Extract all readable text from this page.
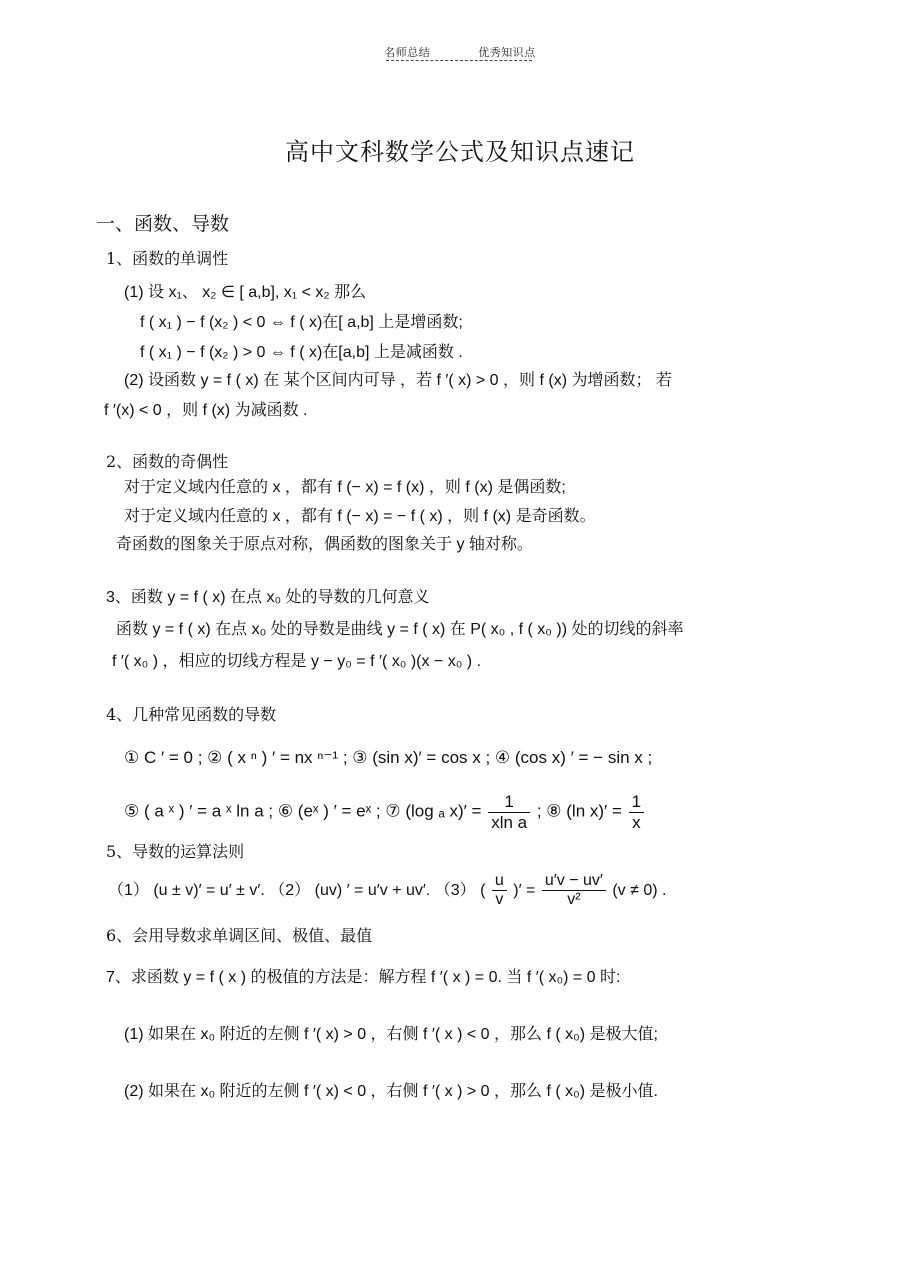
名师总结	优秀知识点
高中文科数学公式及知识点速记
一、函数、导数
1、函数的单调性
(1) 设 x₁、 x₂ ∈ [ a,b], x₁ < x₂ 那么
f ( x₁ ) − f (x₂ ) < 0 ⇔ f ( x)在[ a,b] 上是增函数;
f ( x₁ ) − f (x₂ ) > 0 ⇔ f ( x)在[a,b] 上是减函数 .
(2) 设函数 y = f ( x) 在 某个区间内可导 ，若 f ′( x) > 0 ，则 f (x) 为增函数； 若
f ′(x) < 0 ，则 f (x) 为减函数 .
2、函数的奇偶性
对于定义域内任意的 x ，都有 f (− x) = f (x) ，则 f (x) 是偶函数;
对于定义域内任意的 x ，都有 f (− x) = − f ( x) ，则 f (x) 是奇函数。
奇函数的图象关于原点对称，偶函数的图象关于 y 轴对称。
3、函数 y = f ( x) 在点 x₀ 处的导数的几何意义
函数 y = f ( x) 在点 x₀ 处的导数是曲线 y = f ( x) 在 P( x₀ , f ( x₀ )) 处的切线的斜率
f ′( x₀ ) ，相应的切线方程是 y − y₀ = f ′( x₀ )(x − x₀ ) .
4、几种常见函数的导数
① C ′ = 0 ; ② ( x ⁿ ) ′ = nx ⁿ⁻¹ ; ③ (sin x)′ = cos x ; ④ (cos x) ′ = − sin x ;
⑤ ( a ˣ ) ′ = a ˣ ln a ; ⑥ (eˣ ) ′ = eˣ ; ⑦ (log ₐ $x)' = \frac{1}{\text{xln a}}$ ; ⑧ (ln $x)' = \frac{1}{x}$
5、导数的运算法则
（1） (u ± v)′ = u′ ± v′. （2） (uv) ′ = u′v + uv′. （3） ( $\frac{u}{v}$ )′ = $\frac{u'v - uv'}{\text{v²}} (v \ne 0)$ .
6、会用导数求单调区间、极值、最值
7、求函数 y = f ( x ) 的极值的方法是：解方程 f ′( x ) = 0. 当 f ′( x₀) = 0 时:
(1) 如果在 x₀ 附近的左侧 f ′( x) > 0 ，右侧 f ′( x ) < 0 ，那么 f ( x₀) 是极大值;
(2) 如果在 x₀ 附近的左侧 f ′( x) < 0 ，右侧 f ′( x ) > 0 ，那么 f ( x₀) 是极小值.
